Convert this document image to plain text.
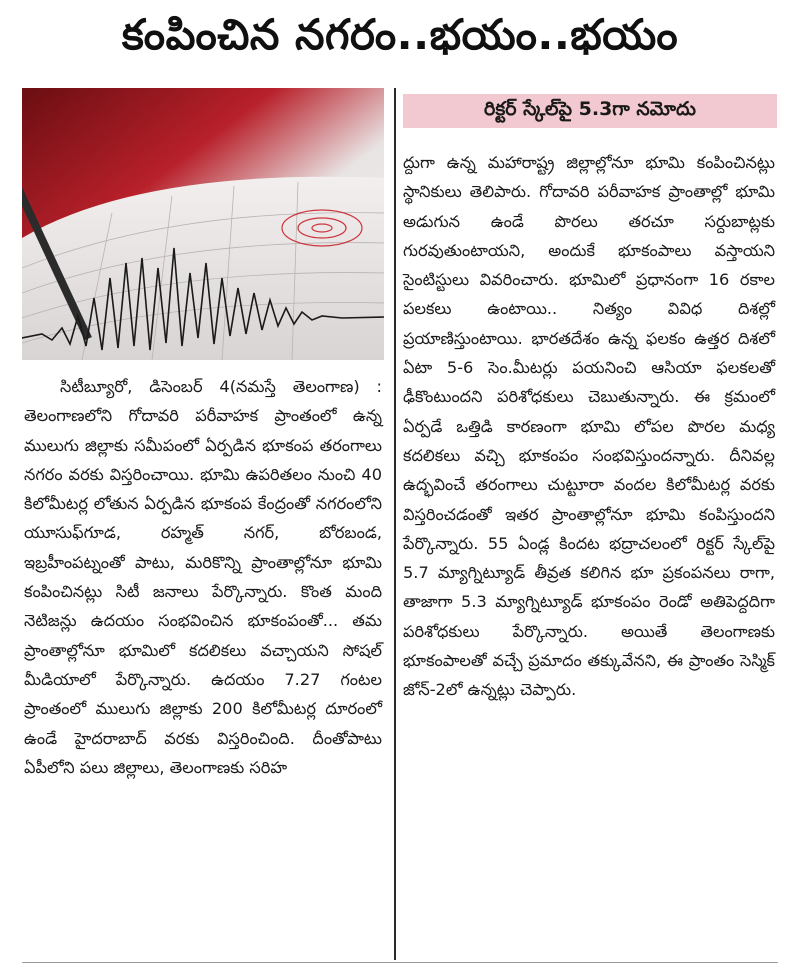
కంపించిన నగరం..భయం..భయం
రిక్టర్ స్కేల్‌పై 5.3గా నమోదు
సిటీబ్యూరో, డిసెంబర్ 4(నమస్తే తెలంగాణ) : తెలంగాణలోని గోదావరి పరీవాహక ప్రాంతంలో ఉన్న ములుగు జిల్లాకు సమీపంలో ఏర్పడిన భూకంప తరంగాలు నగరం వరకు విస్తరించాయి. భూమి ఉపరితలం నుంచి 40 కిలోమీటర్ల లోతున ఏర్పడిన భూకంప కేంద్రంతో నగరంలోని యూసుఫ్‌గూడ, రహ్మత్ నగర్, బోరబండ, ఇబ్రహీంపట్నంతో పాటు, మరికొన్ని ప్రాంతాల్లోనూ భూమి కంపించినట్లు సిటీ జనాలు పేర్కొన్నారు. కొంత మంది నెటిజన్లు ఉదయం సంభవించిన భూకంపంతో... తమ ప్రాంతాల్లోనూ భూమిలో కదలికలు వచ్చాయని సోషల్ మీడియాలో పేర్కొన్నారు. ఉదయం 7.27 గంటల ప్రాంతంలో ములుగు జిల్లాకు 200 కిలోమీటర్ల దూరంలో ఉండే హైదరాబాద్ వరకు విస్తరించింది. దీంతోపాటు ఏపీలోని పలు జిల్లాలు, తెలంగాణకు సరిహ
ద్దుగా ఉన్న మహారాష్ట్ర జిల్లాల్లోనూ భూమి కంపించినట్లు స్థానికులు తెలిపారు. గోదావరి పరీవాహక ప్రాంతాల్లో భూమి అడుగున ఉండే పొరలు తరచూ సర్దుబాట్లకు గురవుతుంటాయని, అందుకే భూకంపాలు వస్తాయని సైంటిస్టులు వివరించారు. భూమిలో ప్రధానంగా 16 రకాల పలకలు ఉంటాయి.. నిత్యం వివిధ దిశల్లో ప్రయాణిస్తుంటాయి. భారతదేశం ఉన్న ఫలకం ఉత్తర దిశలో ఏటా 5-6 సెం.మీటర్లు పయనించి ఆసియా ఫలకలతో ఢీకొంటుందని పరిశోధకులు చెబుతున్నారు. ఈ క్రమంలో ఏర్పడే ఒత్తిడి కారణంగా భూమి లోపల పొరల మధ్య కదలికలు వచ్చి భూకంపం సంభవిస్తుందన్నారు. దీనివల్ల ఉద్భవించే తరంగాలు చుట్టూరా వందల కిలోమీటర్ల వరకు విస్తరించడంతో ఇతర ప్రాంతాల్లోనూ భూమి కంపిస్తుందని పేర్కొన్నారు. 55 ఏండ్ల కిందట భద్రాచలంలో రిక్టర్ స్కేల్‌పై 5.7 మ్యాగ్నిట్యూడ్ తీవ్రత కలిగిన భూ ప్రకంపనలు రాగా, తాజాగా 5.3 మ్యాగ్నిట్యూడ్ భూకంపం రెండో అతిపెద్దదిగా పరిశోధకులు పేర్కొన్నారు. అయితే తెలంగాణకు భూకంపాలతో వచ్చే ప్రమాదం తక్కువేనని, ఈ ప్రాంతం సెస్మిక్ జోన్-2లో ఉన్నట్లు చెప్పారు.
